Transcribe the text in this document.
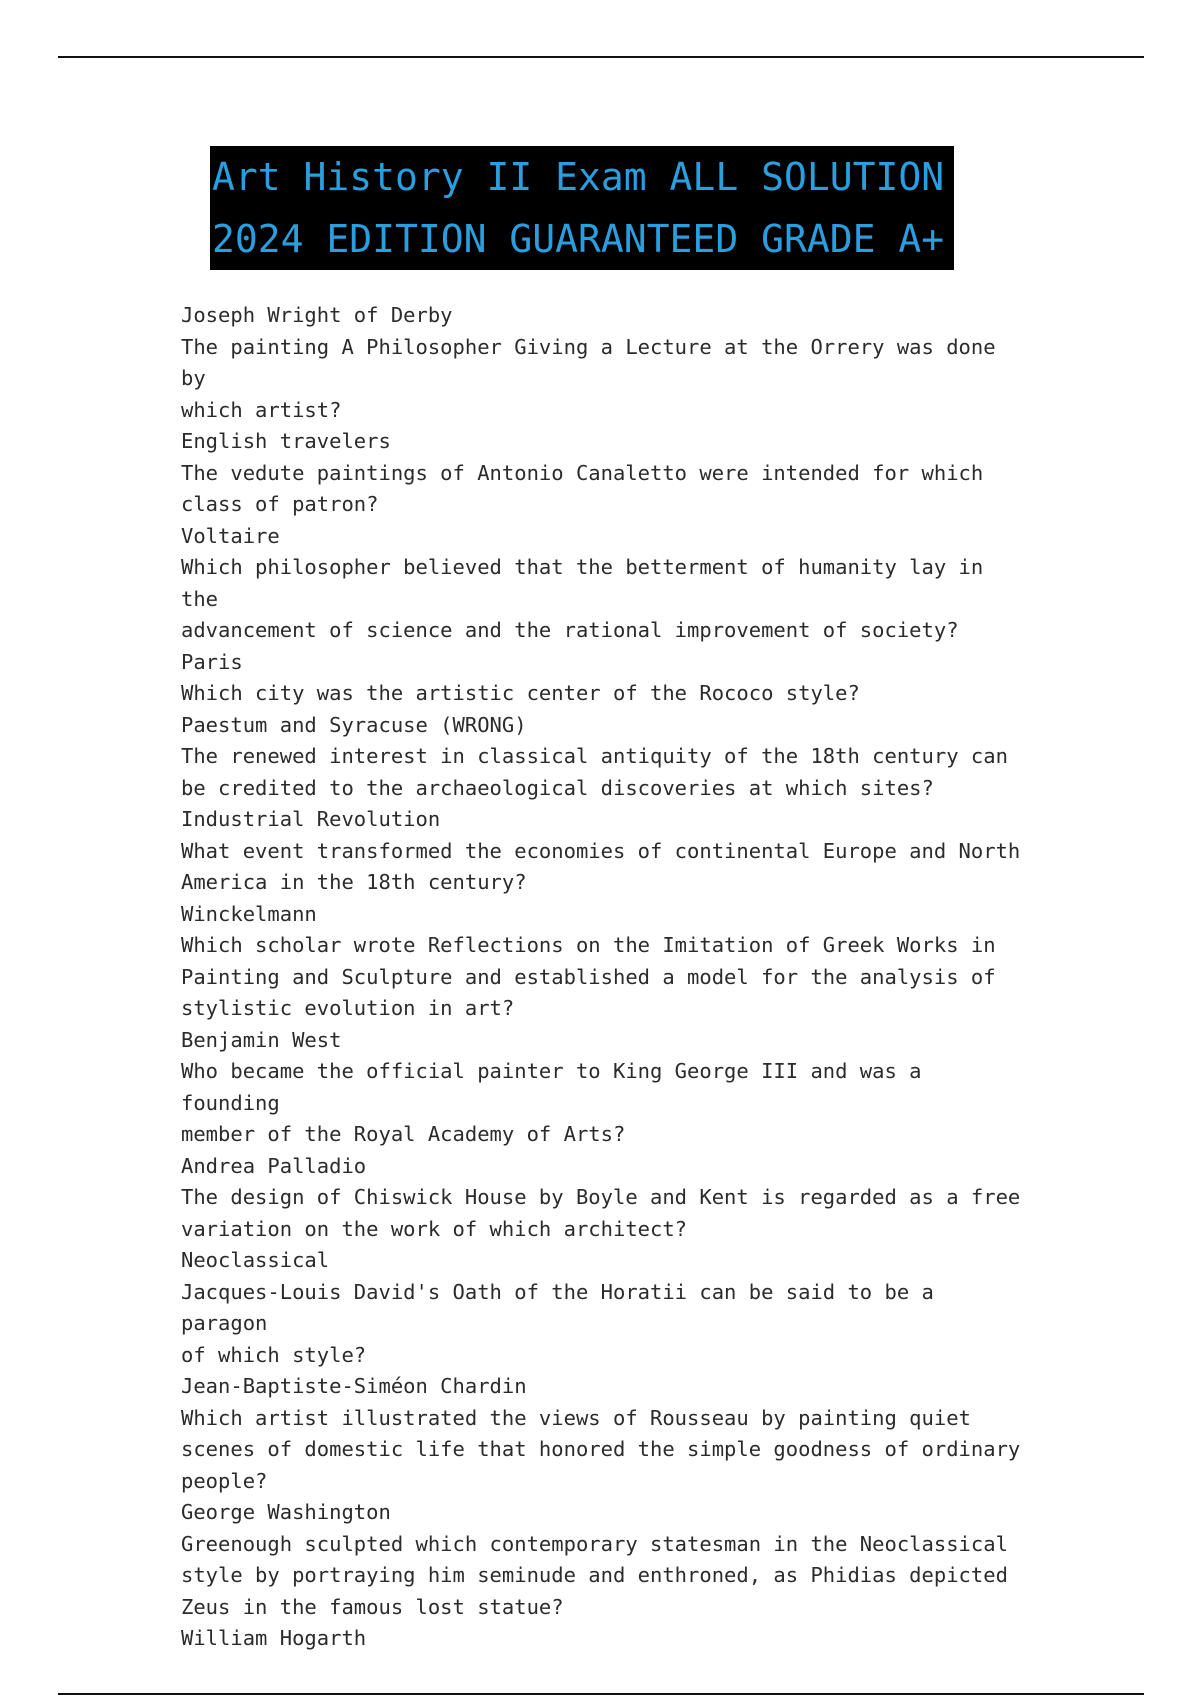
Art History II Exam ALL SOLUTION
2024 EDITION GUARANTEED GRADE A+

Joseph Wright of Derby

The painting A Philosopher Giving a Lecture at the Orrery was done by

which artist?

English travelers

The vedute paintings of Antonio Canaletto were intended for which

class of patron?

Voltaire

Which philosopher believed that the betterment of humanity lay in the

advancement of science and the rational improvement of society?

Paris

Which city was the artistic center of the Rococo style?

Paestum and Syracuse (WRONG)

The renewed interest in classical antiquity of the 18th century can

be credited to the archaeological discoveries at which sites?

Industrial Revolution

What event transformed the economies of continental Europe and North

America in the 18th century?

Winckelmann

Which scholar wrote Reflections on the Imitation of Greek Works in

Painting and Sculpture and established a model for the analysis of

stylistic evolution in art?

Benjamin West

Who became the official painter to King George III and was a founding

member of the Royal Academy of Arts?

Andrea Palladio

The design of Chiswick House by Boyle and Kent is regarded as a free

variation on the work of which architect?

Neoclassical

Jacques-Louis David's Oath of the Horatii can be said to be a paragon

of which style?

Jean-Baptiste-Siméon Chardin

Which artist illustrated the views of Rousseau by painting quiet

scenes of domestic life that honored the simple goodness of ordinary

people?

George Washington

Greenough sculpted which contemporary statesman in the Neoclassical

style by portraying him seminude and enthroned, as Phidias depicted

Zeus in the famous lost statue?

William Hogarth
